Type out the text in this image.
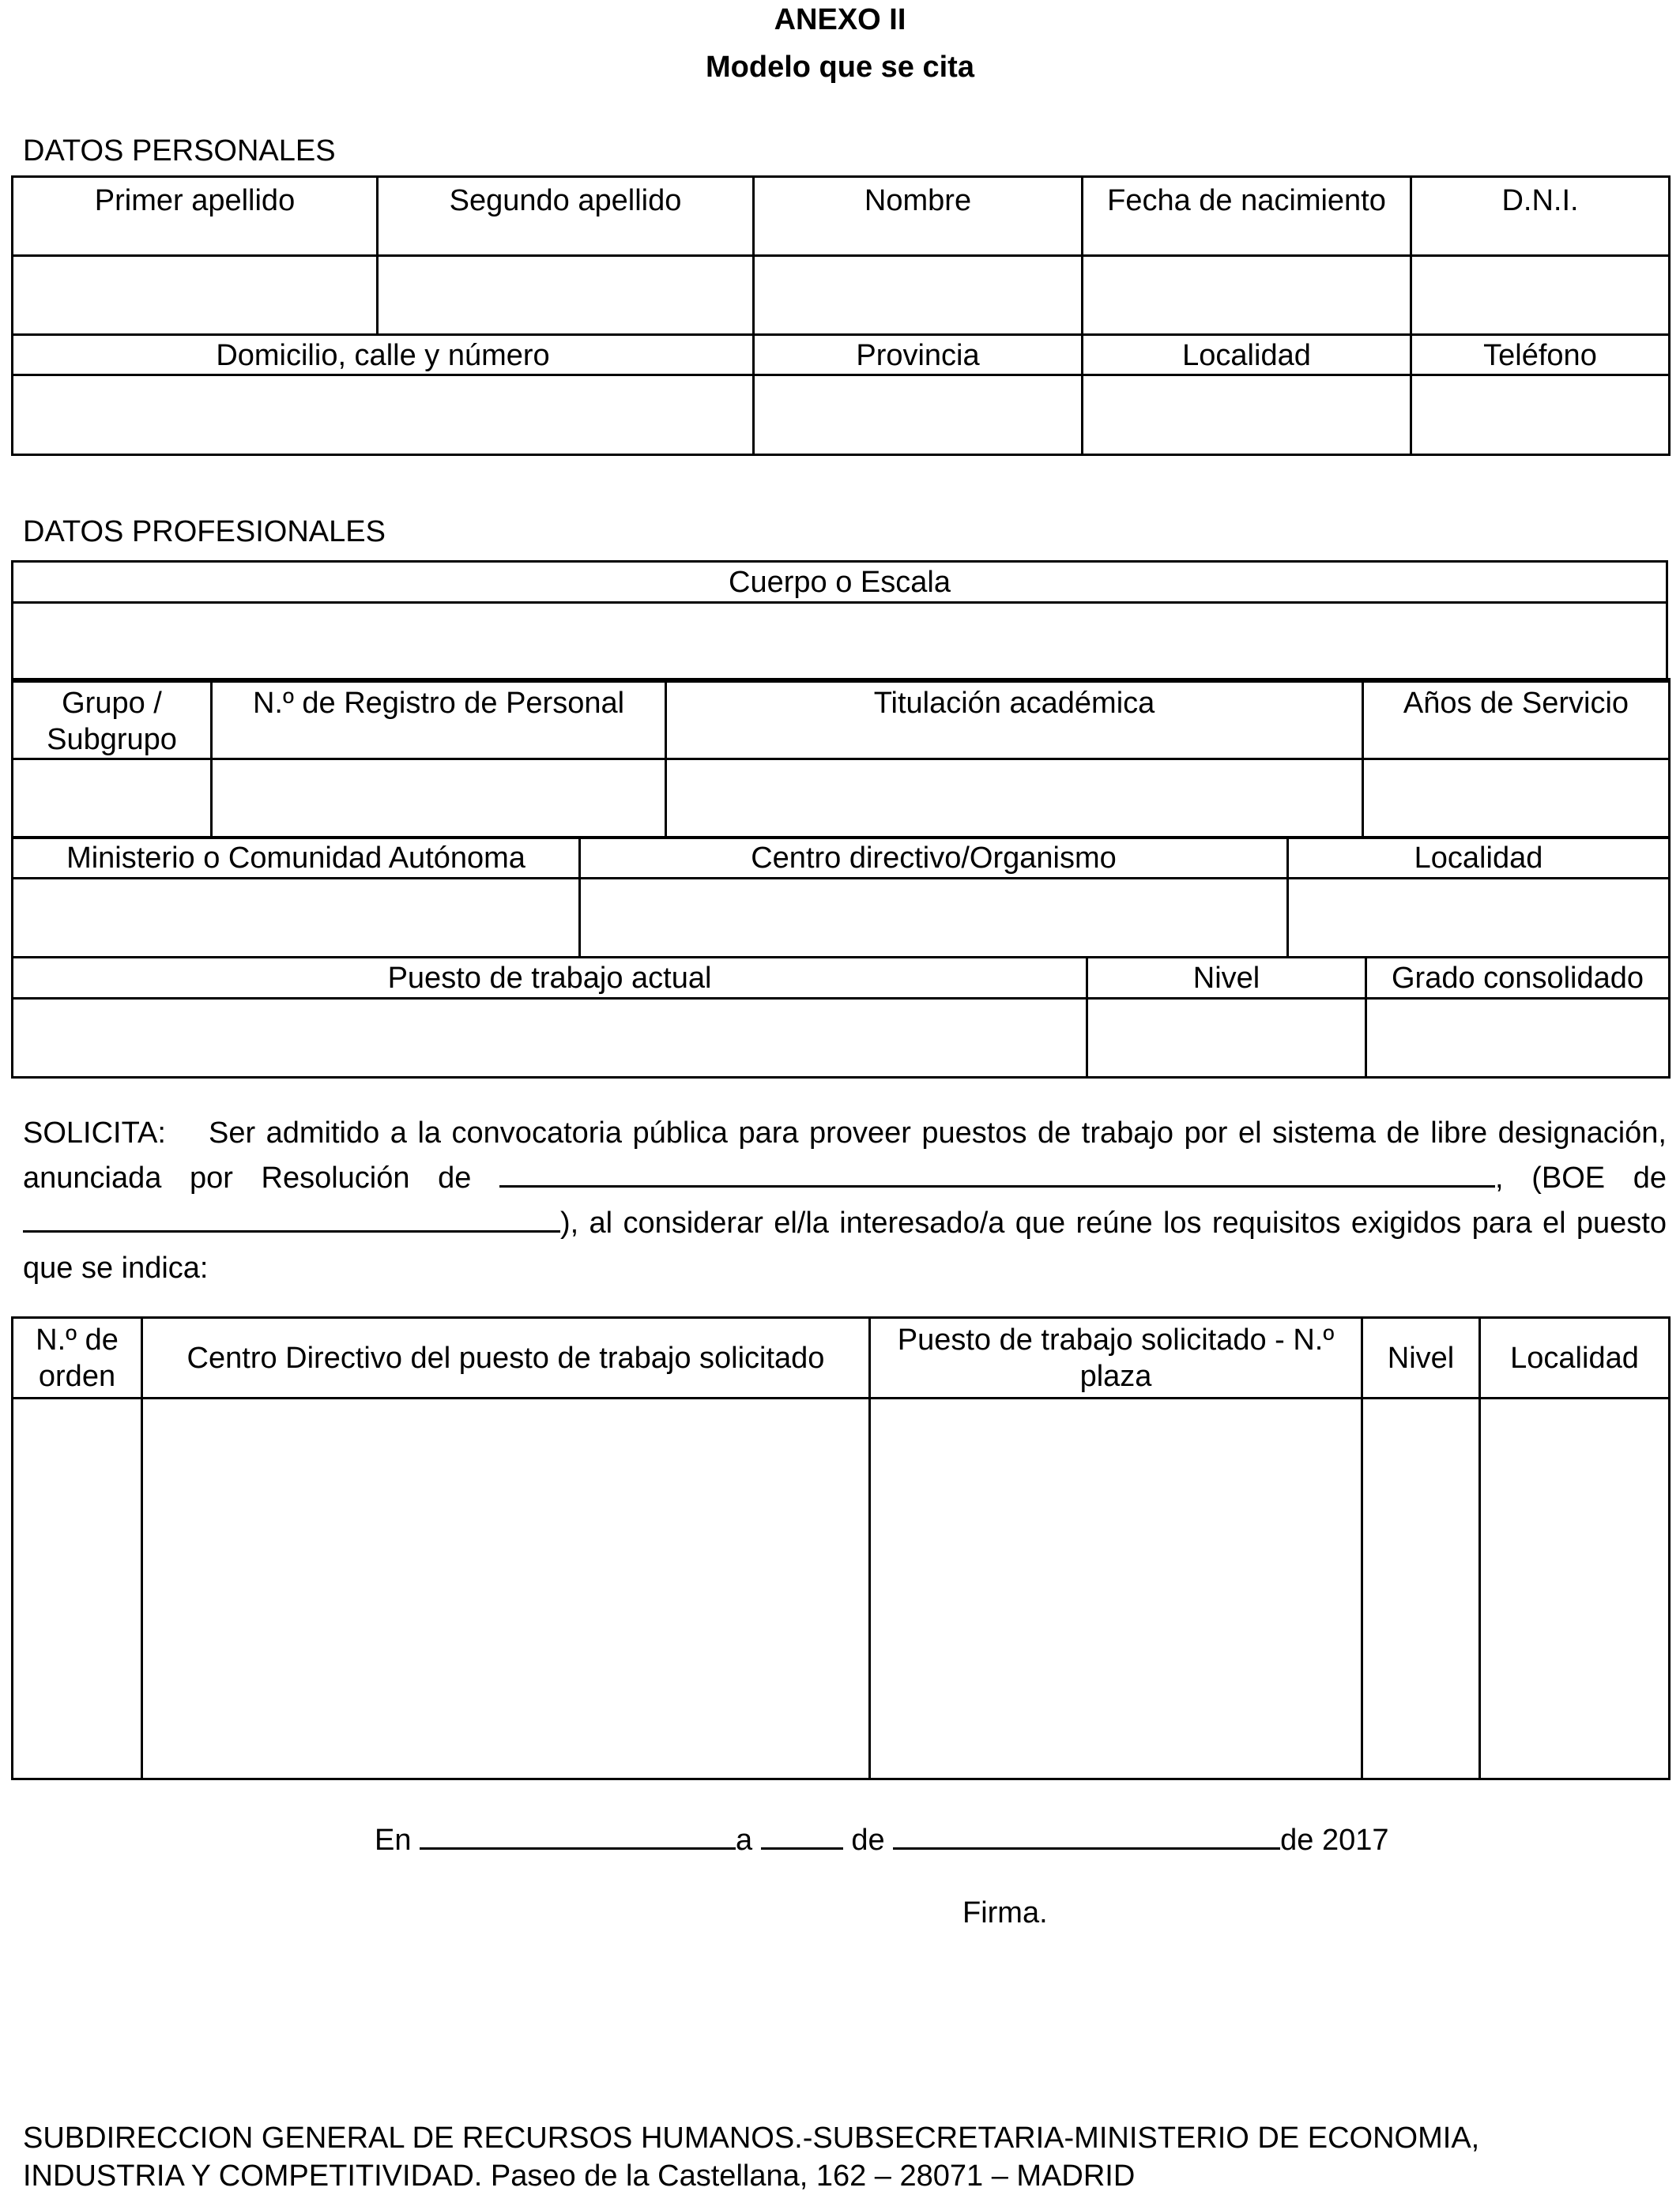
ANEXO II
Modelo que se cita
DATOS PERSONALES
Primer apellido	Segundo apellido	Nombre	Fecha de nacimiento	D.N.I.

Domicilio, calle y número		Provincia	Localidad	Teléfono

DATOS PROFESIONALES
Cuerpo o Escala

Grupo / Subgrupo	N.º de Registro de Personal	Titulación académica	Años de Servicio

Ministerio o Comunidad Autónoma	Centro directivo/Organismo	Localidad

Puesto de trabajo actual	Nivel	Grado consolidado

SOLICITA: Ser admitido a la convocatoria pública para proveer puestos de trabajo por el sistema de libre designación, anunciada por Resolución de	, (BOE de), al considerar el/la interesado/a que reúne los requisitos exigidos para el puesto que se indica:
N.º de orden	Centro Directivo del puesto de trabajo solicitado	Puesto de trabajo solicitado - N.º plaza	Nivel	Localidad

En	a	de	de 2017
Firma.
SUBDIRECCION GENERAL DE RECURSOS HUMANOS.-SUBSECRETARIA-MINISTERIO DE ECONOMIA,
INDUSTRIA Y COMPETITIVIDAD. Paseo de la Castellana, 162 – 28071 – MADRID
